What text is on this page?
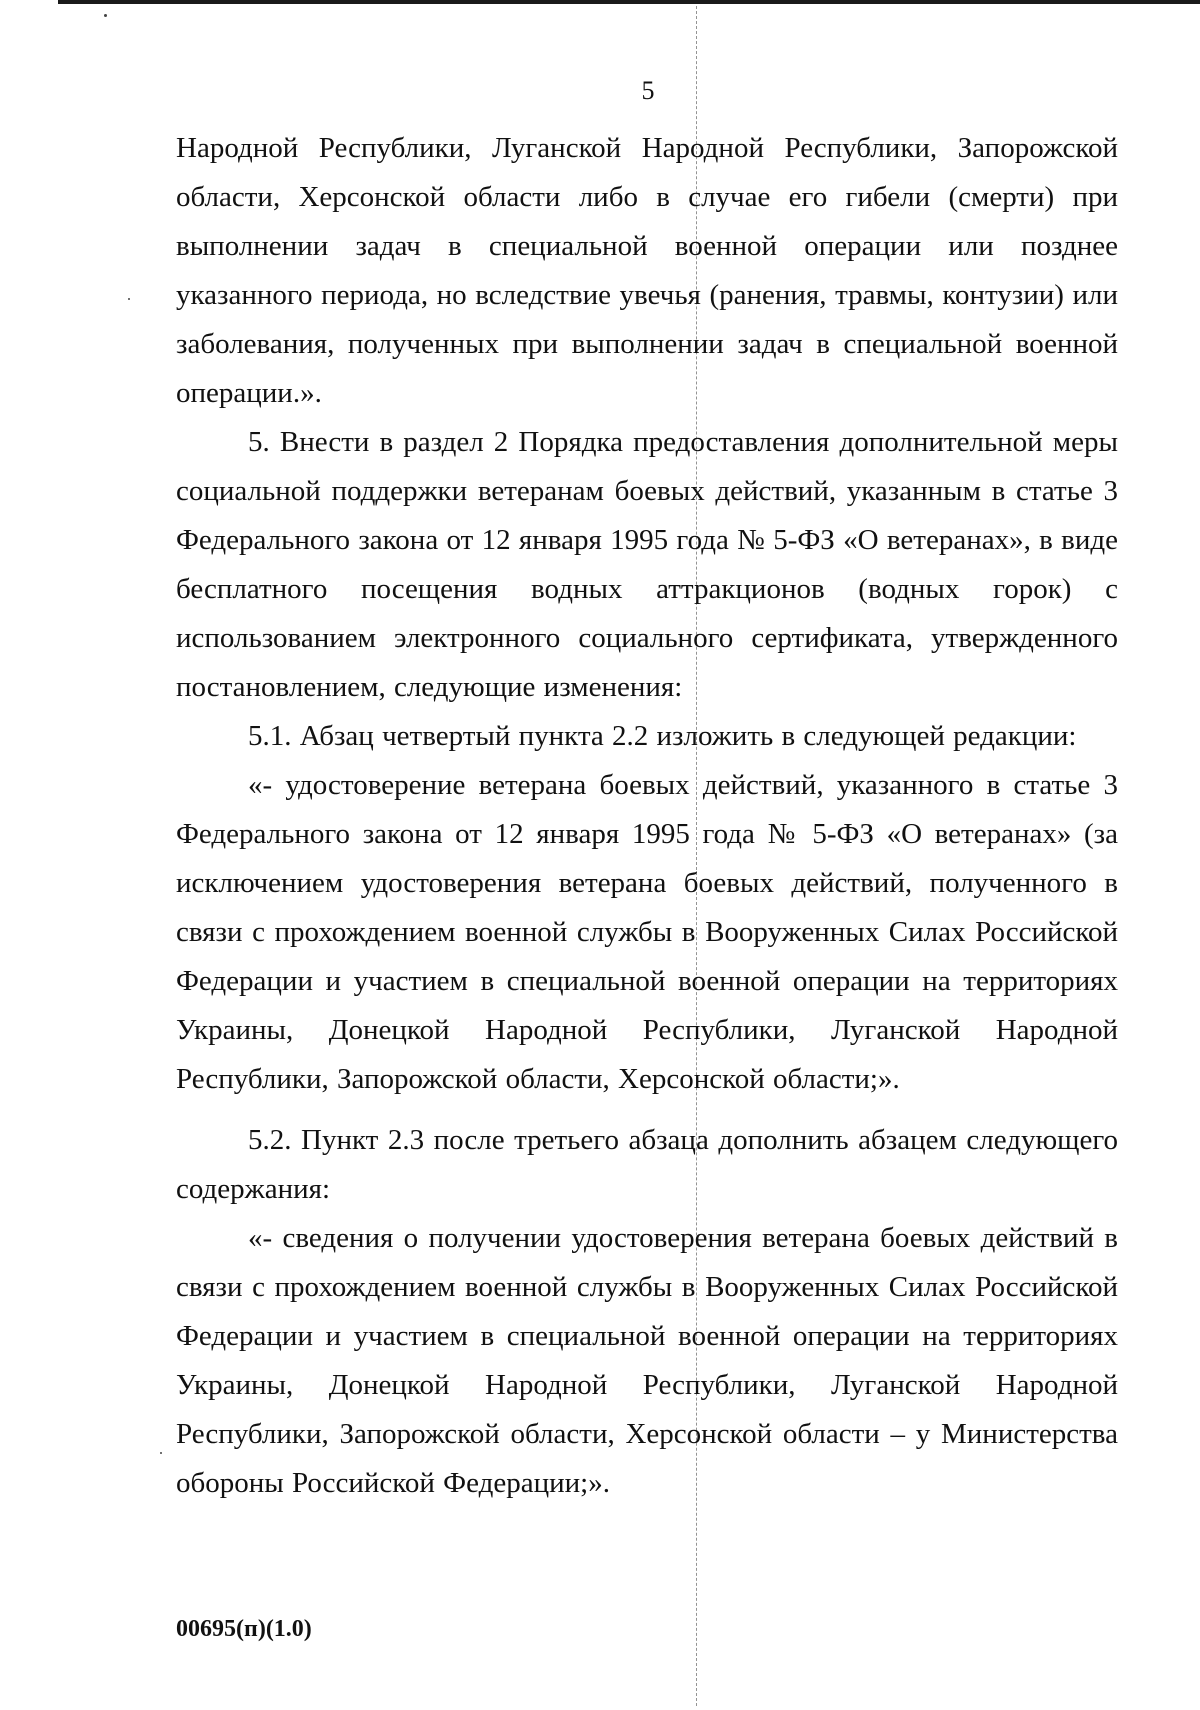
5

Народной Республики, Луганской Народной Республики, Запорожской области, Херсонской области либо в случае его гибели (смерти) при выполнении задач в специальной военной операции или позднее указанного периода, но вследствие увечья (ранения, травмы, контузии) или заболевания, полученных при выполнении задач в специальной военной операции.».

5. Внести в раздел 2 Порядка предоставления дополнительной меры социальной поддержки ветеранам боевых действий, указанным в статье 3 Федерального закона от 12 января 1995 года № 5-ФЗ «О ветеранах», в виде бесплатного посещения водных аттракционов (водных горок) с использованием электронного социального сертификата, утвержденного постановлением, следующие изменения:

5.1. Абзац четвертый пункта 2.2 изложить в следующей редакции:

«- удостоверение ветерана боевых действий, указанного в статье 3 Федерального закона от 12 января 1995 года № 5-ФЗ «О ветеранах» (за исключением удостоверения ветерана боевых действий, полученного в связи с прохождением военной службы в Вооруженных Силах Российской Федерации и участием в специальной военной операции на территориях Украины, Донецкой Народной Республики, Луганской Народной Республики, Запорожской области, Херсонской области;».

5.2. Пункт 2.3 после третьего абзаца дополнить абзацем следующего содержания:

«- сведения о получении удостоверения ветерана боевых действий в связи с прохождением военной службы в Вооруженных Силах Российской Федерации и участием в специальной военной операции на территориях Украины, Донецкой Народной Республики, Луганской Народной Республики, Запорожской области, Херсонской области – у Министерства обороны Российской Федерации;».

00695(п)(1.0)
